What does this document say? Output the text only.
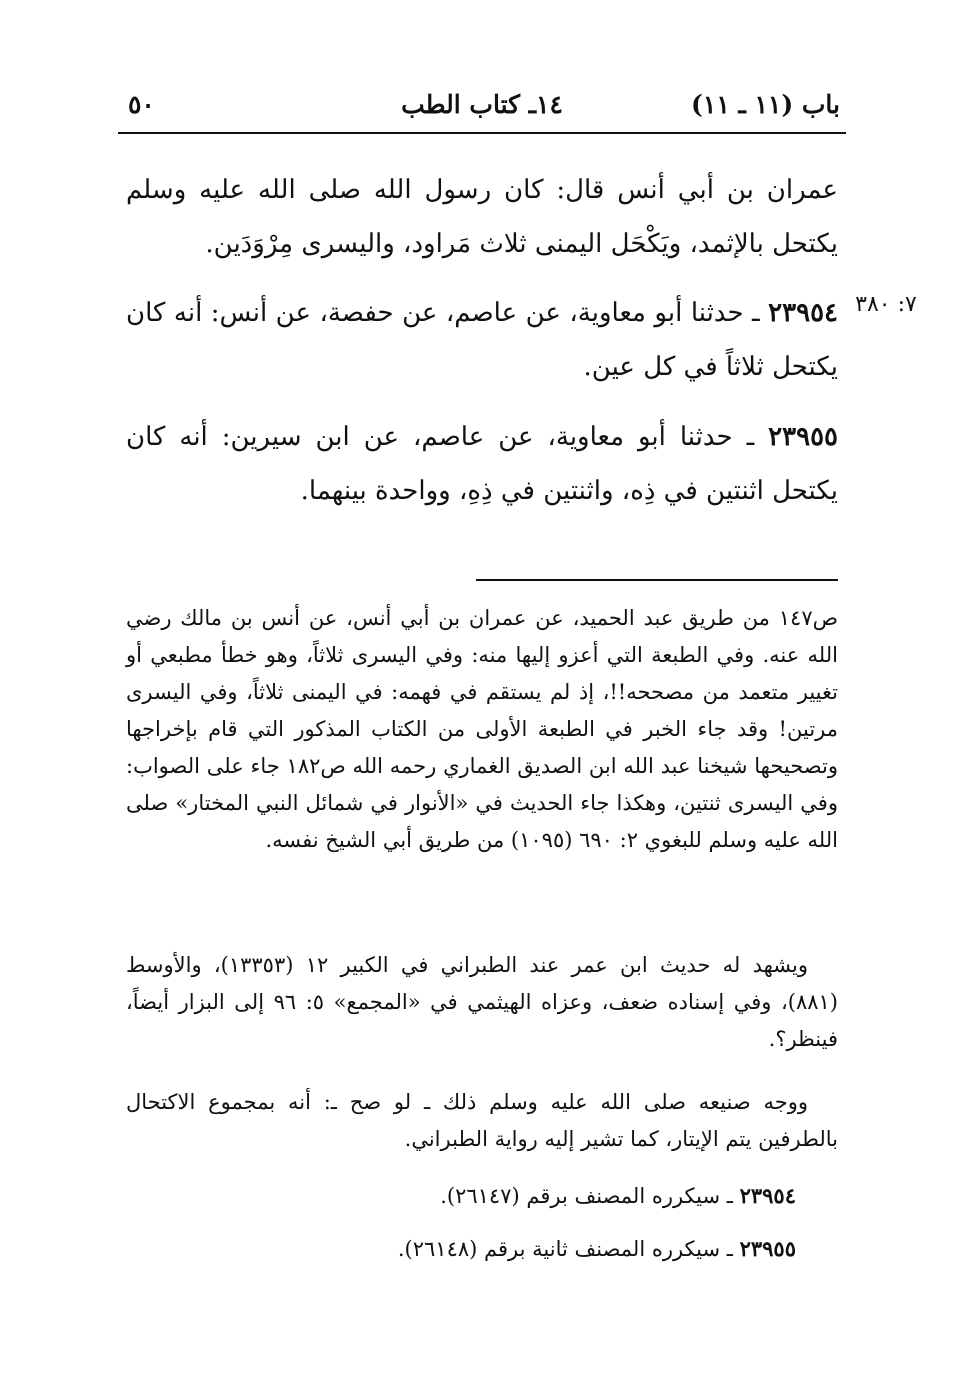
٥٠	١٤ـ كتاب الطب	باب (١١ ـ ١١)

عمران بن أبي أنس قال: كان رسول الله صلى الله عليه وسلم يكتحل بالإثمد، ويَكْحَل اليمنى ثلاث مَراود، واليسرى مِرْوَدَين.

٧: ٣٨٠

٢٣٩٥٤ ـ حدثنا أبو معاوية، عن عاصم، عن حفصة، عن أنس: أنه كان يكتحل ثلاثاً في كل عين.

٢٣٩٥٥ ـ حدثنا أبو معاوية، عن عاصم، عن ابن سيرين: أنه كان يكتحل اثنتين في ذِه، واثنتين في ذِهِ، وواحدة بينهما.

ص١٤٧ من طريق عبد الحميد، عن عمران بن أبي أنس، عن أنس بن مالك رضي الله عنه. وفي الطبعة التي أعزو إليها منه: وفي اليسرى ثلاثاً، وهو خطأ مطبعي أو تغيير متعمد من مصححه!!، إذ لم يستقم في فهمه: في اليمنى ثلاثاً، وفي اليسرى مرتين! وقد جاء الخبر في الطبعة الأولى من الكتاب المذكور التي قام بإخراجها وتصحيحها شيخنا عبد الله ابن الصديق الغماري رحمه الله ص١٨٢ جاء على الصواب: وفي اليسرى ثنتين، وهكذا جاء الحديث في «الأنوار في شمائل النبي المختار» صلى الله عليه وسلم للبغوي ٢: ٦٩٠ (١٠٩٥) من طريق أبي الشيخ نفسه.

ويشهد له حديث ابن عمر عند الطبراني في الكبير ١٢ (١٣٣٥٣)، والأوسط (٨٨١)، وفي إسناده ضعف، وعزاه الهيثمي في «المجمع» ٥: ٩٦ إلى البزار أيضاً، فينظر؟.

ووجه صنيعه صلى الله عليه وسلم ذلك ـ لو صح ـ: أنه بمجموع الاكتحال بالطرفين يتم الإيتار، كما تشير إليه رواية الطبراني.

٢٣٩٥٤ ـ سيكرره المصنف برقم (٢٦١٤٧).

٢٣٩٥٥ ـ سيكرره المصنف ثانية برقم (٢٦١٤٨).
